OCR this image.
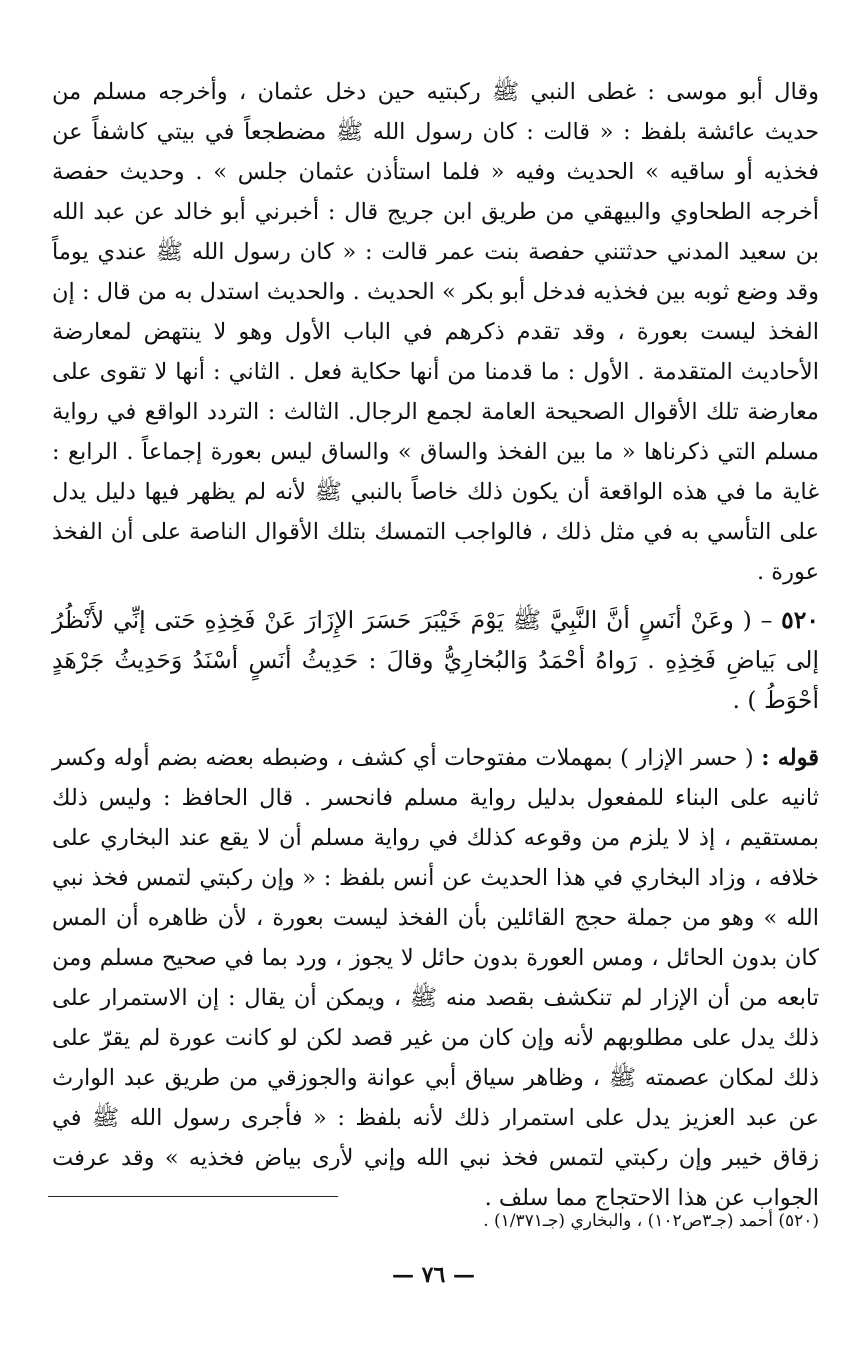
وقال أبو موسى : غطى النبي ﷺ ركبتيه حين دخل عثمان ، وأخرجه مسلم من حديث عائشة بلفظ : « قالت : كان رسول الله ﷺ مضطجعاً في بيتي كاشفاً عن فخذيه أو ساقيه » الحديث وفيه « فلما استأذن عثمان جلس » . وحديث حفصة أخرجه الطحاوي والبيهقي من طريق ابن جريج قال : أخبرني أبو خالد عن عبد الله بن سعيد المدني حدثتني حفصة بنت عمر قالت : « كان رسول الله ﷺ عندي يوماً وقد وضع ثوبه بين فخذيه فدخل أبو بكر » الحديث . والحديث استدل به من قال : إن الفخذ ليست بعورة ، وقد تقدم ذكرهم في الباب الأول وهو لا ينتهض لمعارضة الأحاديث المتقدمة . الأول : ما قدمنا من أنها حكاية فعل . الثاني : أنها لا تقوى على معارضة تلك الأقوال الصحيحة العامة لجمع الرجال. الثالث : التردد الواقع في رواية مسلم التي ذكرناها « ما بين الفخذ والساق » والساق ليس بعورة إجماعاً . الرابع : غاية ما في هذه الواقعة أن يكون ذلك خاصاً بالنبي ﷺ لأنه لم يظهر فيها دليل يدل على التأسي به في مثل ذلك ، فالواجب التمسك بتلك الأقوال الناصة على أن الفخذ عورة .

٥٢٠ – ( وعَنْ أنَسٍ أنَّ النَّبِيَّ ﷺ يَوْمَ خَيْبَرَ حَسَرَ الإِزَارَ عَنْ فَخِذِهِ حَتى إنِّي لأَنْظُرُ إلى بَياضِ فَخِذِهِ . رَواهُ أحْمَدُ وَالبُخارِيُّ وقالَ : حَدِيثُ أنَسٍ أسْنَدُ وَحَدِيثُ جَرْهَدٍ أحْوَطُ ) .

قوله : ( حسر الإزار ) بمهملات مفتوحات أي كشف ، وضبطه بعضه بضم أوله وكسر ثانيه على البناء للمفعول بدليل رواية مسلم فانحسر . قال الحافظ : وليس ذلك بمستقيم ، إذ لا يلزم من وقوعه كذلك في رواية مسلم أن لا يقع عند البخاري على خلافه ، وزاد البخاري في هذا الحديث عن أنس بلفظ : « وإن ركبتي لتمس فخذ نبي الله » وهو من جملة حجج القائلين بأن الفخذ ليست بعورة ، لأن ظاهره أن المس كان بدون الحائل ، ومس العورة بدون حائل لا يجوز ، ورد بما في صحيح مسلم ومن تابعه من أن الإزار لم تنكشف بقصد منه ﷺ ، ويمكن أن يقال : إن الاستمرار على ذلك يدل على مطلوبهم لأنه وإن كان من غير قصد لكن لو كانت عورة لم يقرّ على ذلك لمكان عصمته ﷺ ، وظاهر سياق أبي عوانة والجوزقي من طريق عبد الوارث عن عبد العزيز يدل على استمرار ذلك لأنه بلفظ : « فأجرى رسول الله ﷺ في زقاق خيبر وإن ركبتي لتمس فخذ نبي الله وإني لأرى بياض فخذيه » وقد عرفت الجواب عن هذا الاحتجاج مما سلف .

(٥٢٠) أحمد (جـ٣ص١٠٢) ، والبخاري (جـ١/٣٧١) .

— ٧٦ —
